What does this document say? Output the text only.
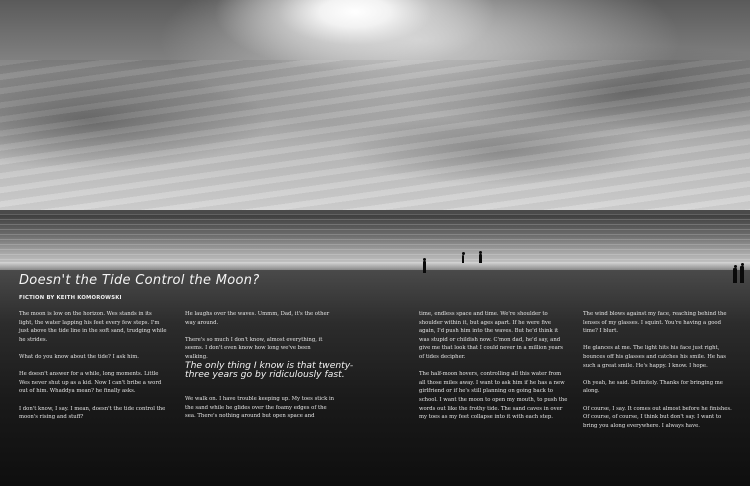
Doesn't the Tide Control the Moon?
FICTION BY KEITH KOMOROWSKI

The moon is low on the horizon. Wes stands in its light, the water lapping his feet every few steps. I'm just above the tide line in the soft sand, trudging while he strides.

What do you know about the tide? I ask him.

He doesn't answer for a while, long moments. Little Wes never shut up as a kid. Now I can't bribe a word out of him. Whaddya mean? he finally asks.

I don't know, I say. I mean, doesn't the tide control the moon's rising and stuff?

He laughs over the waves. Ummm, Dad, it's the other way around.

There's so much I don't know, almost everything, it seems. I don't even know how long we've been walking.

The only thing I know is that twenty-three years go by ridiculously fast.

We walk on. I have trouble keeping up. My toes stick in the sand while he glides over the foamy edges of the sea. There's nothing around but open space and

time, endless space and time. We're shoulder to shoulder within it, but ages apart. If he were five again, I'd push him into the waves. But he'd think it was stupid or childish now. C'mon dad, he'd say, and give me that look that I could never in a million years of tides decipher.

The half-moon hovers, controlling all this water from all those miles away. I want to ask him if he has a new girlfriend or if he's still planning on going back to school. I want the moon to open my mouth, to push the words out like the frothy tide. The sand caves in over my toes as my feet collapse into it with each step.

The wind blows against my face, reaching behind the lenses of my glasses. I squint. You're having a good time? I blurt.

He glances at me. The light hits his face just right, bounces off his glasses and catches his smile. He has such a great smile. He's happy. I know. I hope.

Oh yeah, he said. Definitely. Thanks for bringing me along.

Of course, I say. It comes out almost before he finishes. Of course, of course, I think but don't say. I want to bring you along everywhere. I always have.
